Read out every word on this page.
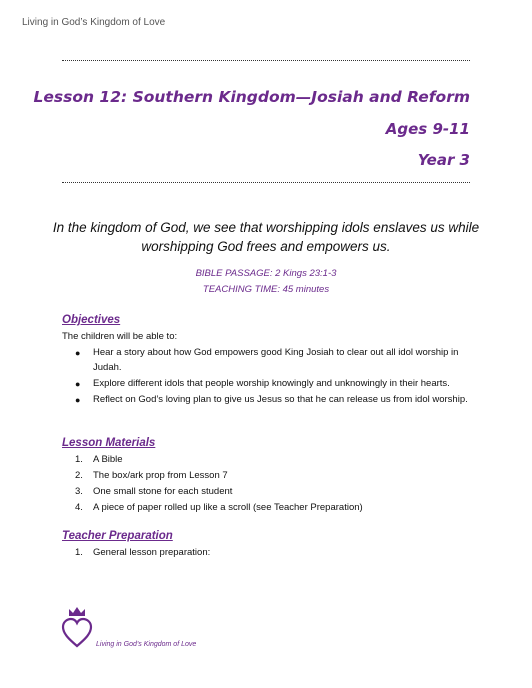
Living in God’s Kingdom of Love
Lesson 12: Southern Kingdom—Josiah and Reform
Ages 9-11
Year 3
In the kingdom of God, we see that worshipping idols enslaves us while
worshipping God frees and empowers us.
BIBLE PASSAGE: 2 Kings 23:1-3
TEACHING TIME: 45 minutes
Objectives
The children will be able to:
● Hear a story about how God empowers good King Josiah to clear out all idol worship in Judah.
● Explore different idols that people worship knowingly and unknowingly in their hearts.
● Reflect on God’s loving plan to give us Jesus so that he can release us from idol worship.
Lesson Materials
1. A Bible
2. The box/ark prop from Lesson 7
3. One small stone for each student
4. A piece of paper rolled up like a scroll (see Teacher Preparation)
Teacher Preparation
1. General lesson preparation:
Living in God’s Kingdom of Love
